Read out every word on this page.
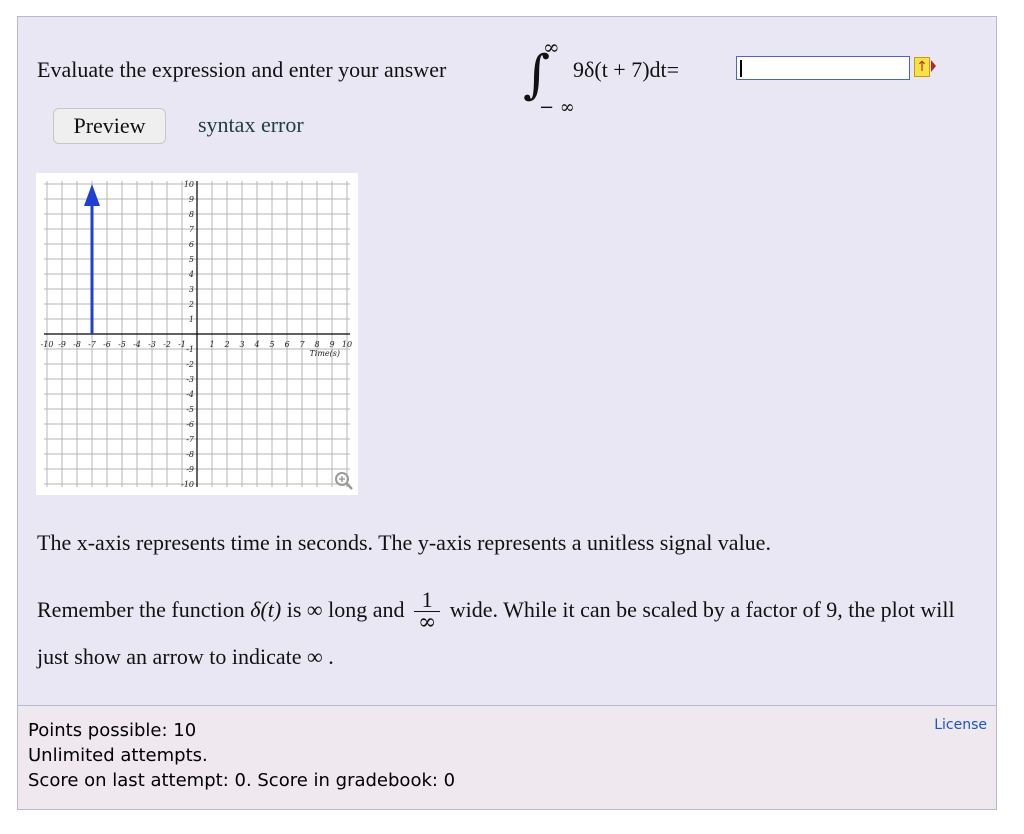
Evaluate the expression and enter your answer ∫
∞
− ∞
9δ(t + 7)dt=	↑
Preview	syntax error
-10 -9 -8 -7 -6 -5 -4 -3 -2 -1	1 2 3 4 5 6 7 8 9 10
Time(s)
10
9
8
7
6
5
4
3
2
1
-1
-2
-3
-4
-5
-6
-7
-8
-9
-10
The x-axis represents time in seconds. The y-axis represents a unitless signal value.
Remember the function δ(t) is ∞ long and $\frac{1}{\infty}$ wide. While it can be scaled by a factor of 9, the plot will just show an arrow to indicate ∞ .
Points possible: 10
Unlimited attempts.
Score on last attempt: 0. Score in gradebook: 0
License
